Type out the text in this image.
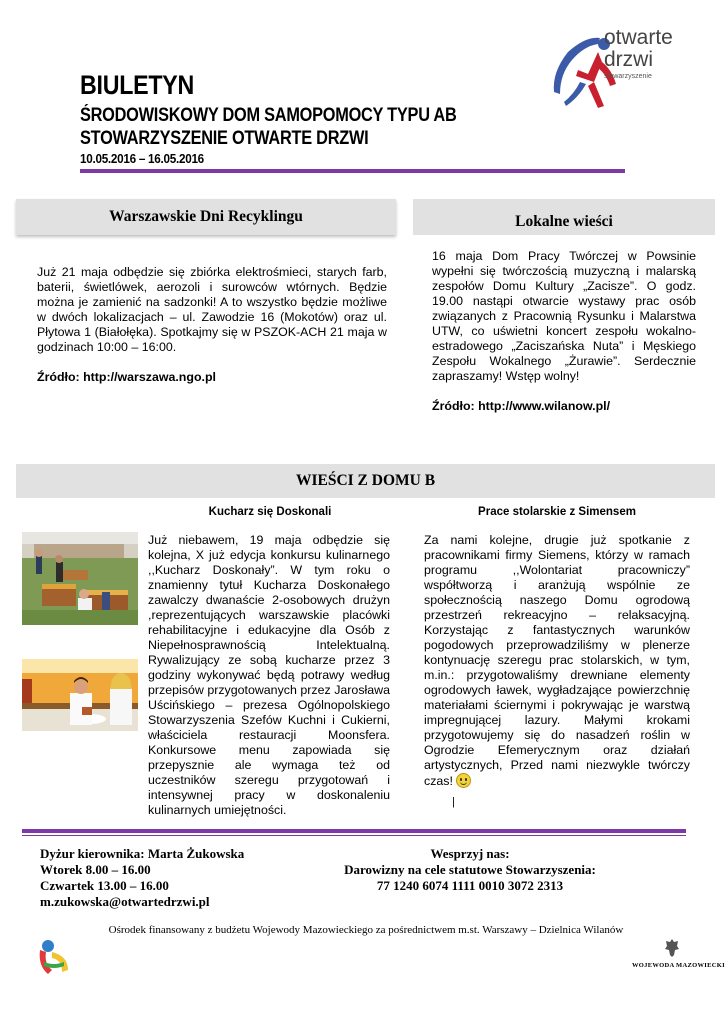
BIULETYN
ŚRODOWISKOWY DOM SAMOPOMOCY TYPU AB
STOWARZYSZENIE OTWARTE DRZWI
10.05.2016 – 16.05.2016
otwarte
drzwi
stowarzyszenie
Warszawskie Dni Recyklingu	Lokalne wieści

Już 21 maja odbędzie się zbiórka elektrośmieci, starych farb, baterii, świetlówek, aerozoli i surowców wtórnych. Będzie można je zamienić na sadzonki! A to wszystko będzie możliwe w dwóch lokalizacjach – ul. Zawodzie 16 (Mokotów) oraz ul. Płytowa 1 (Białołęka). Spotkajmy się w PSZOK-ACH 21 maja w godzinach 10:00 – 16:00.

Źródło: http://warszawa.ngo.pl

16 maja Dom Pracy Twórczej w Powsinie wypełni się twórczością muzyczną i malarską zespołów Domu Kultury „Zacisze”. O godz. 19.00 nastąpi otwarcie wystawy prac osób związanych z Pracownią Rysunku i Malarstwa UTW, co uświetni koncert zespołu wokalno-estradowego „Zaciszańska Nuta” i Męskiego Zespołu Wokalnego „Żurawie”. Serdecznie zapraszamy! Wstęp wolny!

Źródło: http://www.wilanow.pl/

WIEŚCI Z DOMU B
Kucharz się Doskonali	Prace stolarskie z Simensem

Już niebawem, 19 maja odbędzie się kolejna, X już edycja konkursu kulinarnego ,,Kucharz Doskonały”. W tym roku o znamienny tytuł Kucharza Doskonałego zawalczy dwanaście 2-osobowych drużyn ,reprezentujących warszawskie placówki rehabilitacyjne i edukacyjne dla Osób z Niepełnosprawnością Intelektualną. Rywalizujący ze sobą kucharze przez 3 godziny wykonywać będą potrawy według przepisów przygotowanych przez Jarosława Uścińskiego – prezesa Ogólnopolskiego Stowarzyszenia Szefów Kuchni i Cukierni, właściciela restauracji Moonsfera. Konkursowe menu zapowiada się przepysznie ale wymaga też od uczestników szeregu przygotowań i intensywnej pracy w doskonaleniu kulinarnych umiejętności.

Za nami kolejne, drugie już spotkanie z pracownikami firmy Siemens, którzy w ramach programu ,,Wolontariat pracowniczy” współtworzą i aranżują wspólnie ze społecznością naszego Domu ogrodową przestrzeń rekreacyjno – relaksacyjną. Korzystając z fantastycznych warunków pogodowych przeprowadziliśmy w plenerze kontynuację szeregu prac stolarskich, w tym, m.in.: przygotowaliśmy drewniane elementy ogrodowych ławek, wygładzające powierzchnię materiałami ściernymi i pokrywając je warstwą impregnującej lazury. Małymi krokami przygotowujemy się do nasadzeń roślin w Ogrodzie Efemerycznym oraz działań artystycznych, Przed nami niezwykle twórczy czas!

|
Dyżur kierownika: Marta Żukowska
Wtorek 8.00 – 16.00
Czwartek 13.00 – 16.00
m.zukowska@otwartedrzwi.pl
Wesprzyj nas:
Darowizny na cele statutowe Stowarzyszenia:
77 1240 6074 1111 0010 3072 2313
Ośrodek finansowany z budżetu Wojewody Mazowieckiego za pośrednictwem m.st. Warszawy – Dzielnica Wilanów
WOJEWODA MAZOWIECKI
